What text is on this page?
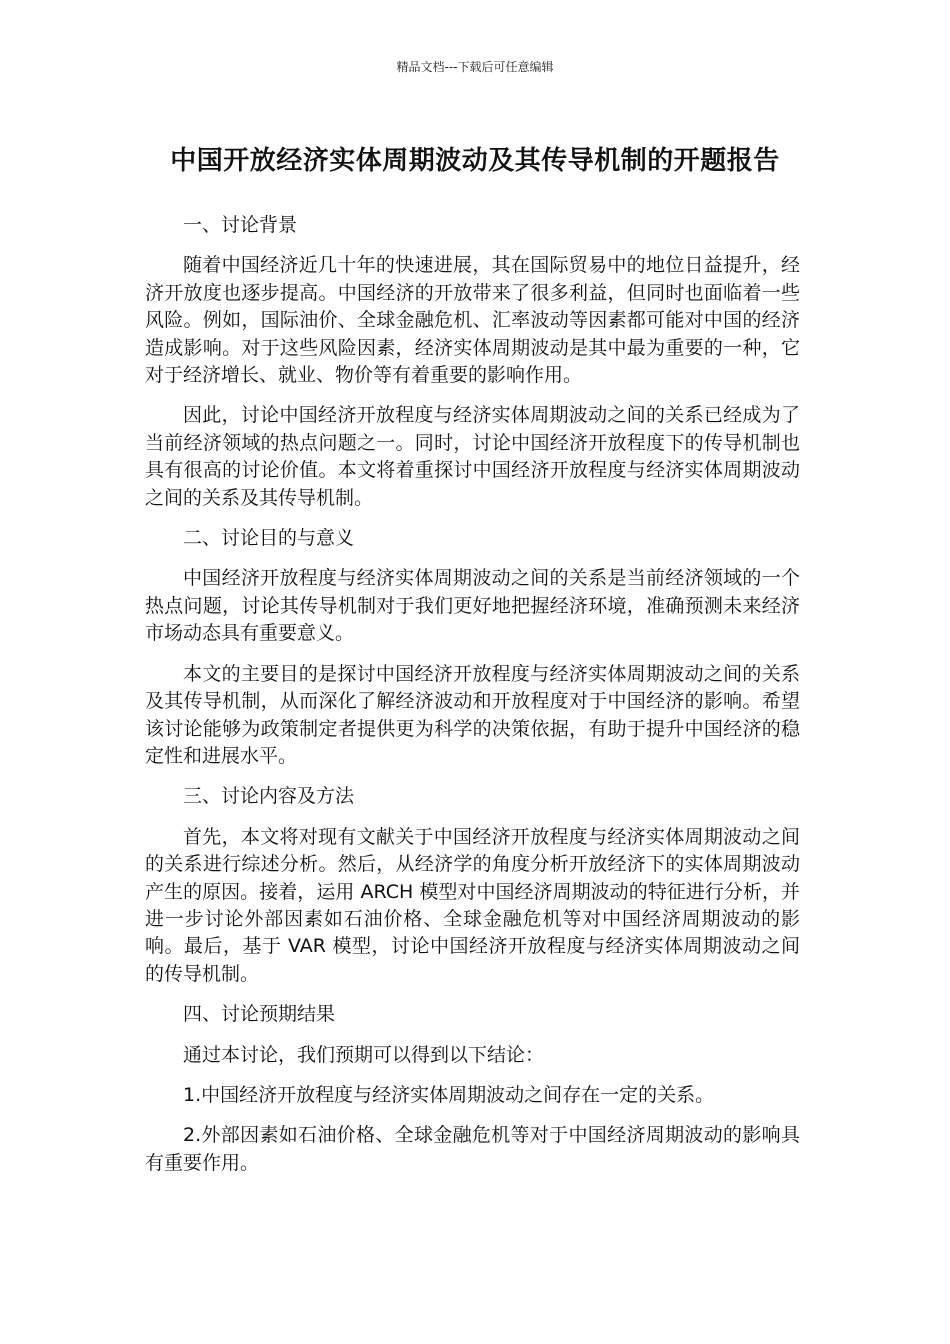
精品文档---下载后可任意编辑
中国开放经济实体周期波动及其传导机制的开题报告

一、讨论背景

随着中国经济近几十年的快速进展，其在国际贸易中的地位日益提升，经济开放度也逐步提高。中国经济的开放带来了很多利益，但同时也面临着一些风险。例如，国际油价、全球金融危机、汇率波动等因素都可能对中国的经济造成影响。对于这些风险因素，经济实体周期波动是其中最为重要的一种，它对于经济增长、就业、物价等有着重要的影响作用。

因此，讨论中国经济开放程度与经济实体周期波动之间的关系已经成为了当前经济领域的热点问题之一。同时，讨论中国经济开放程度下的传导机制也具有很高的讨论价值。本文将着重探讨中国经济开放程度与经济实体周期波动之间的关系及其传导机制。

二、讨论目的与意义

中国经济开放程度与经济实体周期波动之间的关系是当前经济领域的一个热点问题，讨论其传导机制对于我们更好地把握经济环境，准确预测未来经济市场动态具有重要意义。

本文的主要目的是探讨中国经济开放程度与经济实体周期波动之间的关系及其传导机制，从而深化了解经济波动和开放程度对于中国经济的影响。希望该讨论能够为政策制定者提供更为科学的决策依据，有助于提升中国经济的稳定性和进展水平。

三、讨论内容及方法

首先，本文将对现有文献关于中国经济开放程度与经济实体周期波动之间的关系进行综述分析。然后，从经济学的角度分析开放经济下的实体周期波动产生的原因。接着，运用 ARCH 模型对中国经济周期波动的特征进行分析，并进一步讨论外部因素如石油价格、全球金融危机等对中国经济周期波动的影响。最后，基于 VAR 模型，讨论中国经济开放程度与经济实体周期波动之间的传导机制。

四、讨论预期结果

通过本讨论，我们预期可以得到以下结论：

1.中国经济开放程度与经济实体周期波动之间存在一定的关系。

2.外部因素如石油价格、全球金融危机等对于中国经济周期波动的影响具有重要作用。
